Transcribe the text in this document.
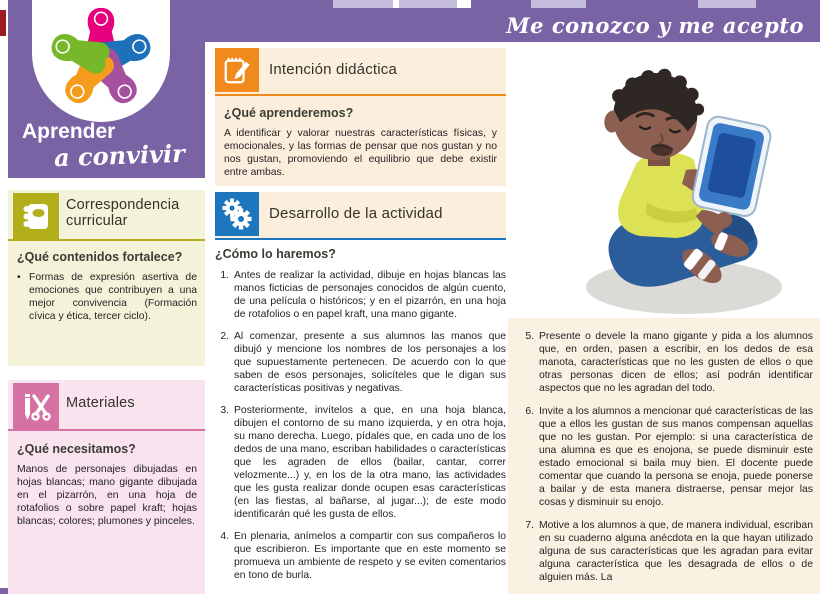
Me conozco y me acepto
Aprender
a convivir
Correspondencia curricular

¿Qué contenidos fortalece?

• Formas de expresión asertiva de emociones que contribuyen a una mejor convivencia (Formación cívica y ética, tercer ciclo).

Materiales

¿Qué necesitamos?

Manos de personajes dibujadas en hojas blancas; mano gigante dibujada en el pizarrón, en una hoja de rotafolios o sobre papel kraft; hojas blancas; colores; plumones y pinceles.

Intención didáctica

¿Qué aprenderemos?

A identificar y valorar nuestras características físicas, y emocionales, y las formas de pensar que nos gustan y no nos gustan, promoviendo el equilibrio que debe existir entre ambas.

Desarrollo de la actividad

¿Cómo lo haremos?

1. Antes de realizar la actividad, dibuje en hojas blancas las manos ficticias de personajes conocidos de algún cuento, de una película o históricos; y en el pizarrón, en una hoja de rotafolios o en papel kraft, una mano gigante.

2. Al comenzar, presente a sus alumnos las manos que dibujó y mencione los nombres de los personajes a los que supuestamente pertenecen. De acuerdo con lo que saben de esos personajes, solicíteles que le digan sus características positivas y negativas.

3. Posteriormente, invítelos a que, en una hoja blanca, dibujen el contorno de su mano izquierda, y en otra hoja, su mano derecha. Luego, pídales que, en cada uno de los dedos de una mano, escriban habilidades o características que les agraden de ellos (bailar, cantar, correr velozmente...) y, en los de la otra mano, las actividades que les gusta realizar donde ocupen esas características (en las fiestas, al bañarse, al jugar...); de este modo identificarán qué les gusta de ellos.

4. En plenaria, anímelos a compartir con sus compañeros lo que escribieron. Es importante que en este momento se promueva un ambiente de respeto y se eviten comentarios en tono de burla.

5. Presente o devele la mano gigante y pida a los alumnos que, en orden, pasen a escribir, en los dedos de esa manota, características que no les gusten de ellos o que otras personas dicen de ellos; así podrán identificar aspectos que no les agradan del todo.

6. Invite a los alumnos a mencionar qué características de las que a ellos les gustan de sus manos compensan aquellas que no les gustan. Por ejemplo: si una característica de una alumna es que es enojona, se puede disminuir este estado emocional si baila muy bien. El docente puede comentar que cuando la persona se enoja, puede ponerse a bailar y de esta manera distraerse, pensar mejor las cosas y disminuir su enojo.

7. Motive a los alumnos a que, de manera individual, escriban en su cuaderno alguna anécdota en la que hayan utilizado alguna de sus características que les agradan para evitar alguna característica que les desagrada de ellos o de alguien más. La
